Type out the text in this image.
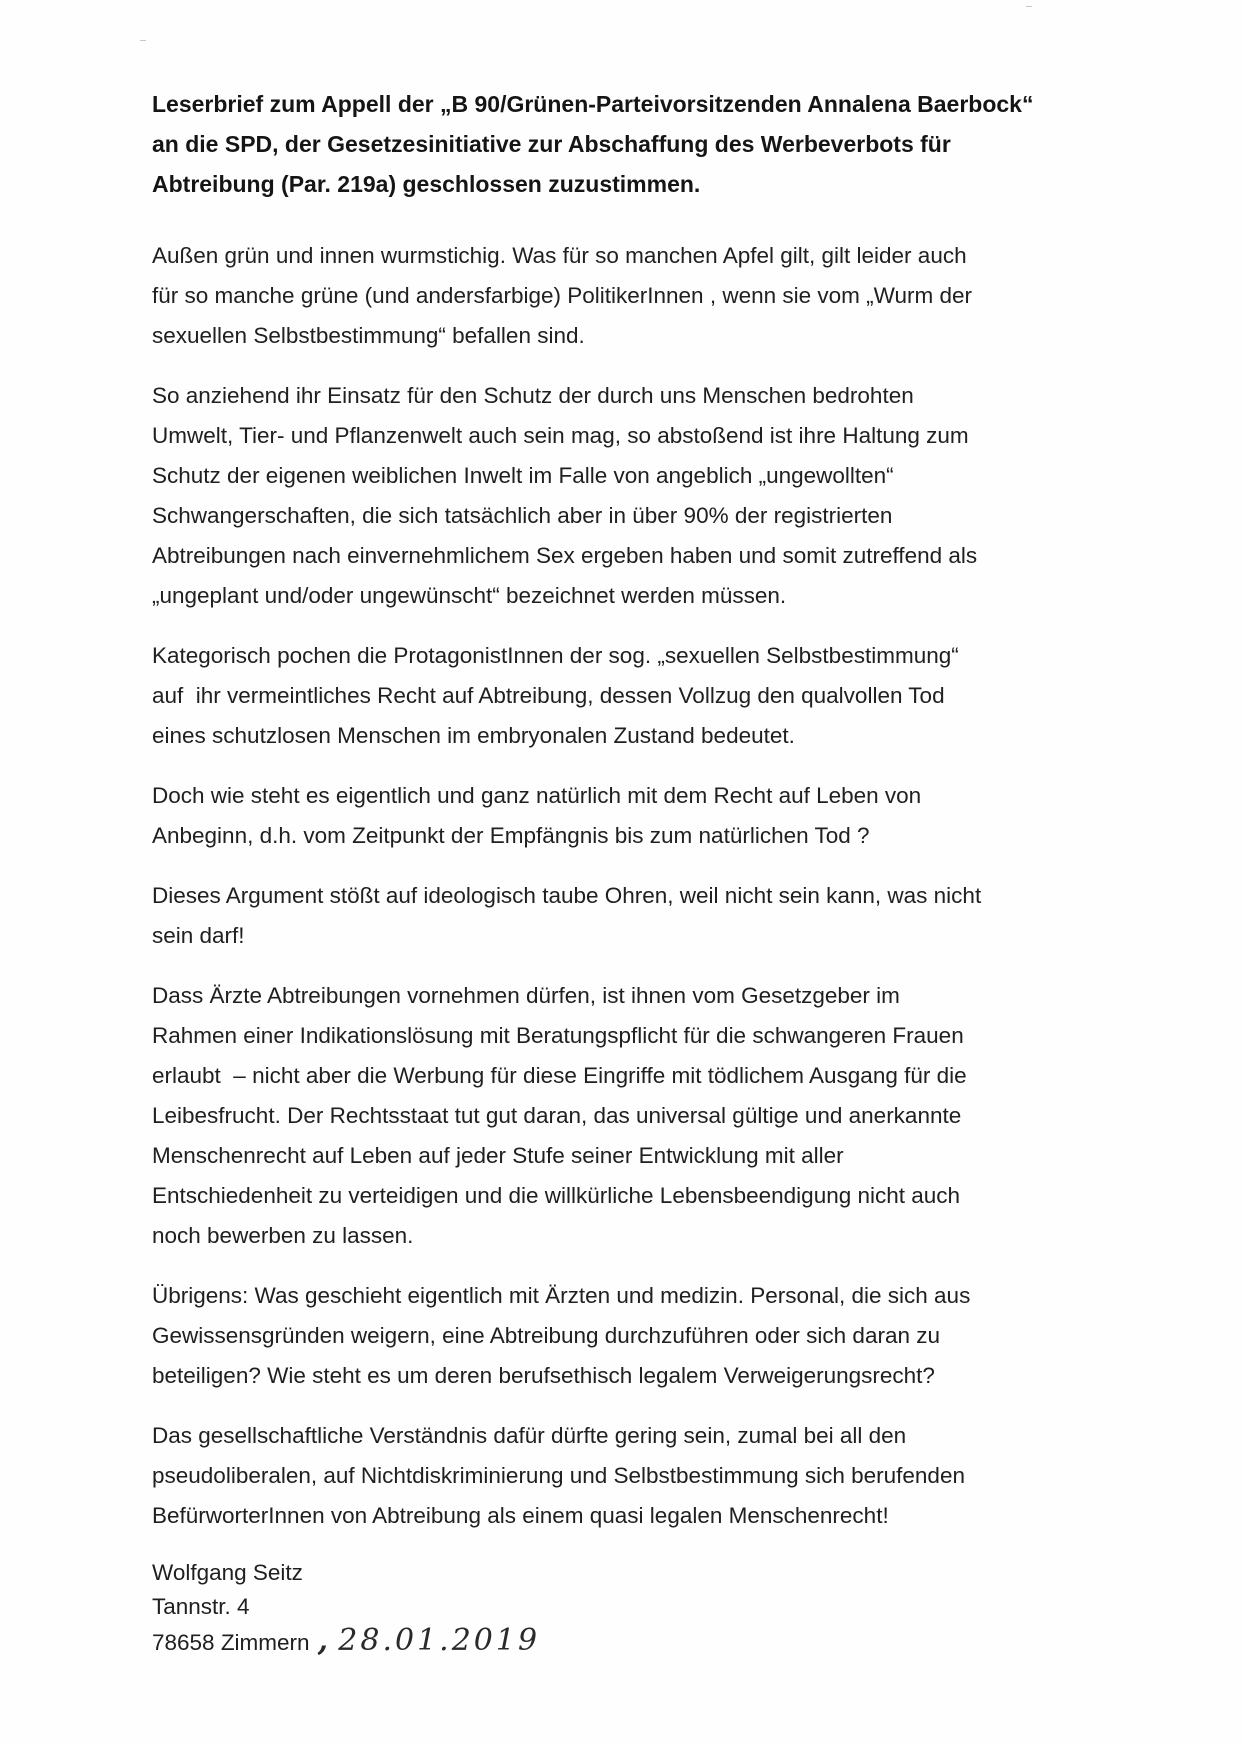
Leserbrief zum Appell der „B 90/Grünen-Parteivorsitzenden Annalena Baerbock“
an die SPD, der Gesetzesinitiative zur Abschaffung des Werbeverbots für
Abtreibung (Par. 219a) geschlossen zuzustimmen.
Außen grün und innen wurmstichig. Was für so manchen Apfel gilt, gilt leider auch
für so manche grüne (und andersfarbige) PolitikerInnen , wenn sie vom „Wurm der
sexuellen Selbstbestimmung“ befallen sind.
So anziehend ihr Einsatz für den Schutz der durch uns Menschen bedrohten
Umwelt, Tier- und Pflanzenwelt auch sein mag, so abstoßend ist ihre Haltung zum
Schutz der eigenen weiblichen Inwelt im Falle von angeblich „ungewollten“
Schwangerschaften, die sich tatsächlich aber in über 90% der registrierten
Abtreibungen nach einvernehmlichem Sex ergeben haben und somit zutreffend als
„ungeplant und/oder ungewünscht“ bezeichnet werden müssen.
Kategorisch pochen die ProtagonistInnen der sog. „sexuellen Selbstbestimmung“
auf  ihr vermeintliches Recht auf Abtreibung, dessen Vollzug den qualvollen Tod
eines schutzlosen Menschen im embryonalen Zustand bedeutet.
Doch wie steht es eigentlich und ganz natürlich mit dem Recht auf Leben von
Anbeginn, d.h. vom Zeitpunkt der Empfängnis bis zum natürlichen Tod ?
Dieses Argument stößt auf ideologisch taube Ohren, weil nicht sein kann, was nicht
sein darf!
Dass Ärzte Abtreibungen vornehmen dürfen, ist ihnen vom Gesetzgeber im
Rahmen einer Indikationslösung mit Beratungspflicht für die schwangeren Frauen
erlaubt  – nicht aber die Werbung für diese Eingriffe mit tödlichem Ausgang für die
Leibesfrucht. Der Rechtsstaat tut gut daran, das universal gültige und anerkannte
Menschenrecht auf Leben auf jeder Stufe seiner Entwicklung mit aller
Entschiedenheit zu verteidigen und die willkürliche Lebensbeendigung nicht auch
noch bewerben zu lassen.
Übrigens: Was geschieht eigentlich mit Ärzten und medizin. Personal, die sich aus
Gewissensgründen weigern, eine Abtreibung durchzuführen oder sich daran zu
beteiligen? Wie steht es um deren berufsethisch legalem Verweigerungsrecht?
Das gesellschaftliche Verständnis dafür dürfte gering sein, zumal bei all den
pseudoliberalen, auf Nichtdiskriminierung und Selbstbestimmung sich berufenden
BefürworterInnen von Abtreibung als einem quasi legalen Menschenrecht!
Wolfgang Seitz
Tannstr. 4
78658 Zimmern , 28.01.2019
